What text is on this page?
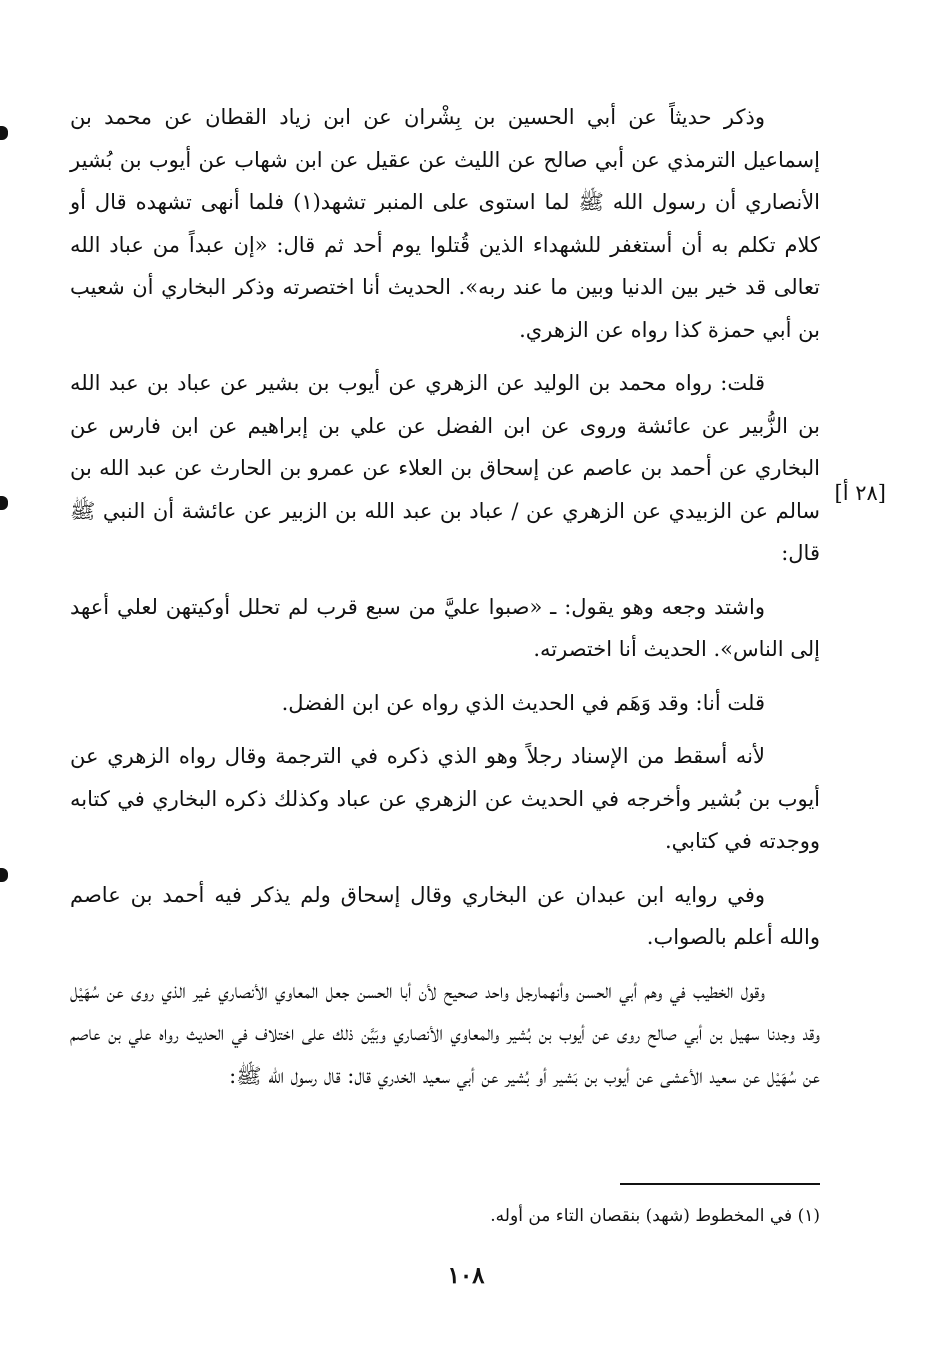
وذكر حديثاً عن أبي الحسين بن بِشْران عن ابن زياد القطان عن محمد بن إسماعيل الترمذي عن أبي صالح عن الليث عن عقيل عن ابن شهاب عن أيوب بن بُشير الأنصاري أن رسول الله ﷺ لما استوى على المنبر تشهد(١) فلما أنهى تشهده قال أو كلام تكلم به أن أستغفر للشهداء الذين قُتلوا يوم أحد ثم قال: «إن عبداً من عباد الله تعالى قد خير بين الدنيا وبين ما عند ربه». الحديث أنا اختصرته وذكر البخاري أن شعيب بن أبي حمزة كذا رواه عن الزهري.

قلت: رواه محمد بن الوليد عن الزهري عن أيوب بن بشير عن عباد بن عبد الله بن الزُّبير عن عائشة وروى عن ابن الفضل عن علي بن إبراهيم عن ابن فارس عن البخاري عن أحمد بن عاصم عن إسحاق بن العلاء عن عمرو بن الحارث عن عبد الله بن سالم عن الزبيدي عن الزهري عن / عباد بن عبد الله بن الزبير عن عائشة أن النبي ﷺ قال:

واشتد وجعه وهو يقول: ـ «صبوا عليَّ من سبع قرب لم تحلل أوكيتهن لعلي أعهد إلى الناس». الحديث أنا اختصرته.

قلت أنا: وقد وَهَم في الحديث الذي رواه عن ابن الفضل.

لأنه أسقط من الإسناد رجلاً وهو الذي ذكره في الترجمة وقال رواه الزهري عن أيوب بن بُشير وأخرجه في الحديث عن الزهري عن عباد وكذلك ذكره البخاري في كتابه ووجدته في كتابي.

وفي روايه ابن عبدان عن البخاري وقال إسحاق ولم يذكر فيه أحمد بن عاصم والله أعلم بالصواب.

وقول الخطيب في وهم أبي الحسن وأنهمارجل واحد صحيح لأن أبا الحسن جعل المعاوي الأنصاري غير الذي روى عن سُهَيْل وقد وجدنا سهيل بن أبي صالح روى عن أيوب بن بُشير والمعاوي الأنصاري وبَيَّن ذلك على اختلاف في الحديث رواه علي بن عاصم عن سُهَيْل عن سعيد الأعشى عن أيوب بن بَشير أو بُشير عن أبي سعيد الخدري قال: قال رسول الله ﷺ:

[٢٨ أ]
(١) في المخطوط (شهد) بنقصان التاء من أوله.
١٠٨
